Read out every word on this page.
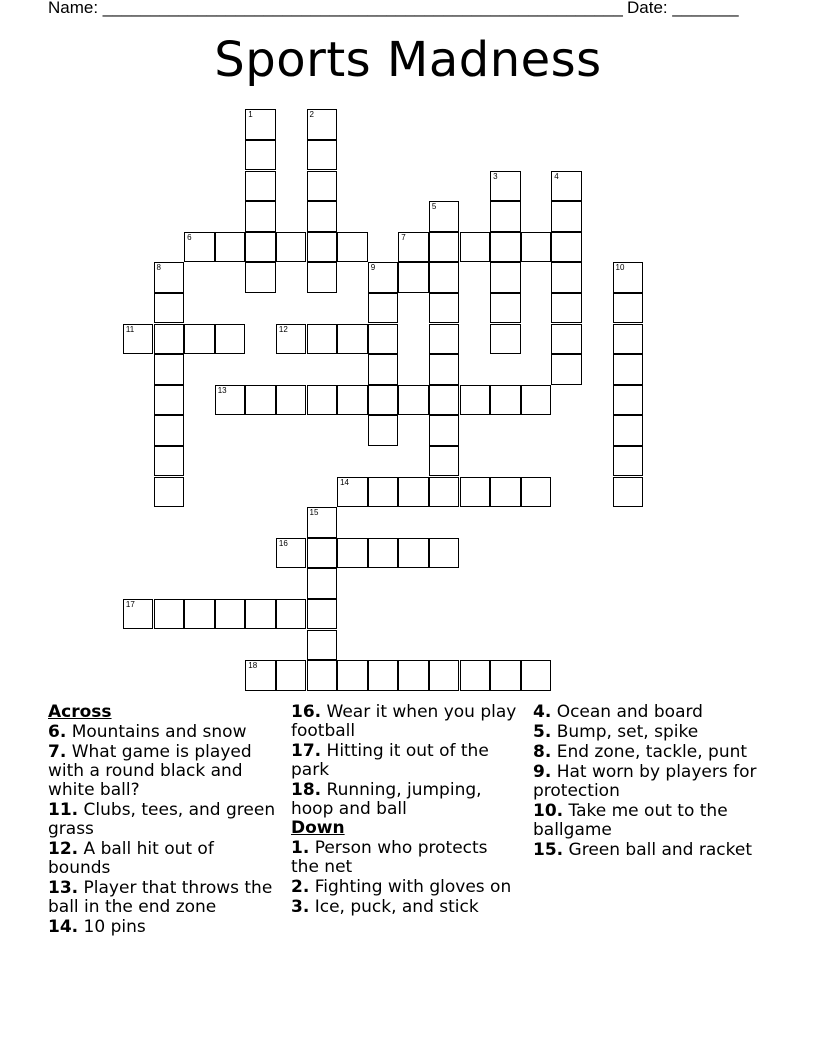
Name: _______________________________________________________ Date: _______
Sports Madness
1	2
3	4
5
6	7
8	9	10
11	12
13
14
15
16
17
18
Across
6. Mountains and snow
7. What game is played with a round black and white ball?
11. Clubs, tees, and green grass
12. A ball hit out of bounds
13. Player that throws the ball in the end zone
14. 10 pins
16. Wear it when you play football
17. Hitting it out of the park
18. Running, jumping, hoop and ball
Down
1. Person who protects the net
2. Fighting with gloves on
3. Ice, puck, and stick
4. Ocean and board
5. Bump, set, spike
8. End zone, tackle, punt
9. Hat worn by players for protection
10. Take me out to the ballgame
15. Green ball and racket
